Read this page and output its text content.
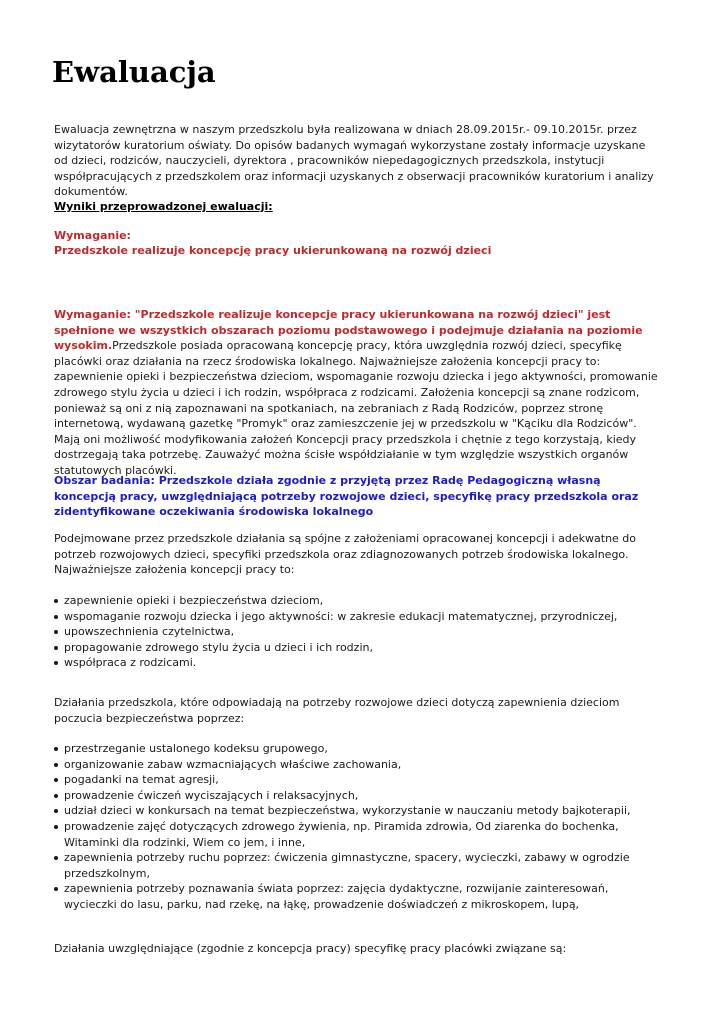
Ewaluacja

Ewaluacja zewnętrzna w naszym przedszkolu była realizowana w dniach 28.09.2015r.- 09.10.2015r. przez wizytatorów kuratorium oświaty. Do opisów badanych wymagań wykorzystane zostały informacje uzyskane od dzieci, rodziców, nauczycieli, dyrektora , pracowników niepedagogicznych przedszkola, instytucji współpracujących z przedszkolem oraz informacji uzyskanych z obserwacji pracowników kuratorium i analizy dokumentów.

Wyniki przeprowadzonej ewaluacji:

Wymaganie:

Przedszkole realizuje koncepcję pracy ukierunkowaną na rozwój dzieci

Wymaganie: "Przedszkole realizuje koncepcje pracy ukierunkowana na rozwój dzieci" jest spełnione we wszystkich obszarach poziomu podstawowego i podejmuje działania na poziomie wysokim.Przedszkole posiada opracowaną koncepcję pracy, która uwzględnia rozwój dzieci, specyfikę placówki oraz działania na rzecz środowiska lokalnego. Najważniejsze założenia koncepcji pracy to: zapewnienie opieki i bezpieczeństwa dzieciom, wspomaganie rozwoju dziecka i jego aktywności, promowanie zdrowego stylu życia u dzieci i ich rodzin, współpraca z rodzicami. Założenia koncepcji są znane rodzicom, ponieważ są oni z nią zapoznawani na spotkaniach, na zebraniach z Radą Rodziców, poprzez stronę internetową, wydawaną gazetkę "Promyk" oraz zamieszczenie jej w przedszkolu w "Kąciku dla Rodziców". Mają oni możliwość modyfikowania założeń Koncepcji pracy przedszkola i chętnie z tego korzystają, kiedy dostrzegają taka potrzebę. Zauważyć można ścisłe współdziałanie w tym względzie wszystkich organów statutowych placówki.

Obszar badania: Przedszkole działa zgodnie z przyjętą przez Radę Pedagogiczną własną koncepcją pracy, uwzględniającą potrzeby rozwojowe dzieci, specyfikę pracy przedszkola oraz zidentyfikowane oczekiwania środowiska lokalnego

Podejmowane przez przedszkole działania są spójne z założeniami opracowanej koncepcji i adekwatne do potrzeb rozwojowych dzieci, specyfiki przedszkola oraz zdiagnozowanych potrzeb środowiska lokalnego.
Najważniejsze założenia koncepcji pracy to:

zapewnienie opieki i bezpieczeństwa dzieciom,
wspomaganie rozwoju dziecka i jego aktywności: w zakresie edukacji matematycznej, przyrodniczej,
upowszechnienia czytelnictwa,
propagowanie zdrowego stylu życia u dzieci i ich rodzin,
współpraca z rodzicami.

Działania przedszkola, które odpowiadają na potrzeby rozwojowe dzieci dotyczą zapewnienia dzieciom poczucia bezpieczeństwa poprzez:

przestrzeganie ustalonego kodeksu grupowego,
organizowanie zabaw wzmacniających właściwe zachowania,
pogadanki na temat agresji,
prowadzenie ćwiczeń wyciszających i relaksacyjnych,
udział dzieci w konkursach na temat bezpieczeństwa, wykorzystanie w nauczaniu metody bajkoterapii,
prowadzenie zajęć dotyczących zdrowego żywienia, np. Piramida zdrowia, Od ziarenka do bochenka, Witaminki dla rodzinki, Wiem co jem, i inne,
zapewnienia potrzeby ruchu poprzez: ćwiczenia gimnastyczne, spacery, wycieczki, zabawy w ogrodzie przedszkolnym,
zapewnienia potrzeby poznawania świata poprzez: zajęcia dydaktyczne, rozwijanie zainteresowań, wycieczki do lasu, parku, nad rzekę, na łąkę, prowadzenie doświadczeń z mikroskopem, lupą,

Działania uwzględniające (zgodnie z koncepcja pracy) specyfikę pracy placówki związane są:
